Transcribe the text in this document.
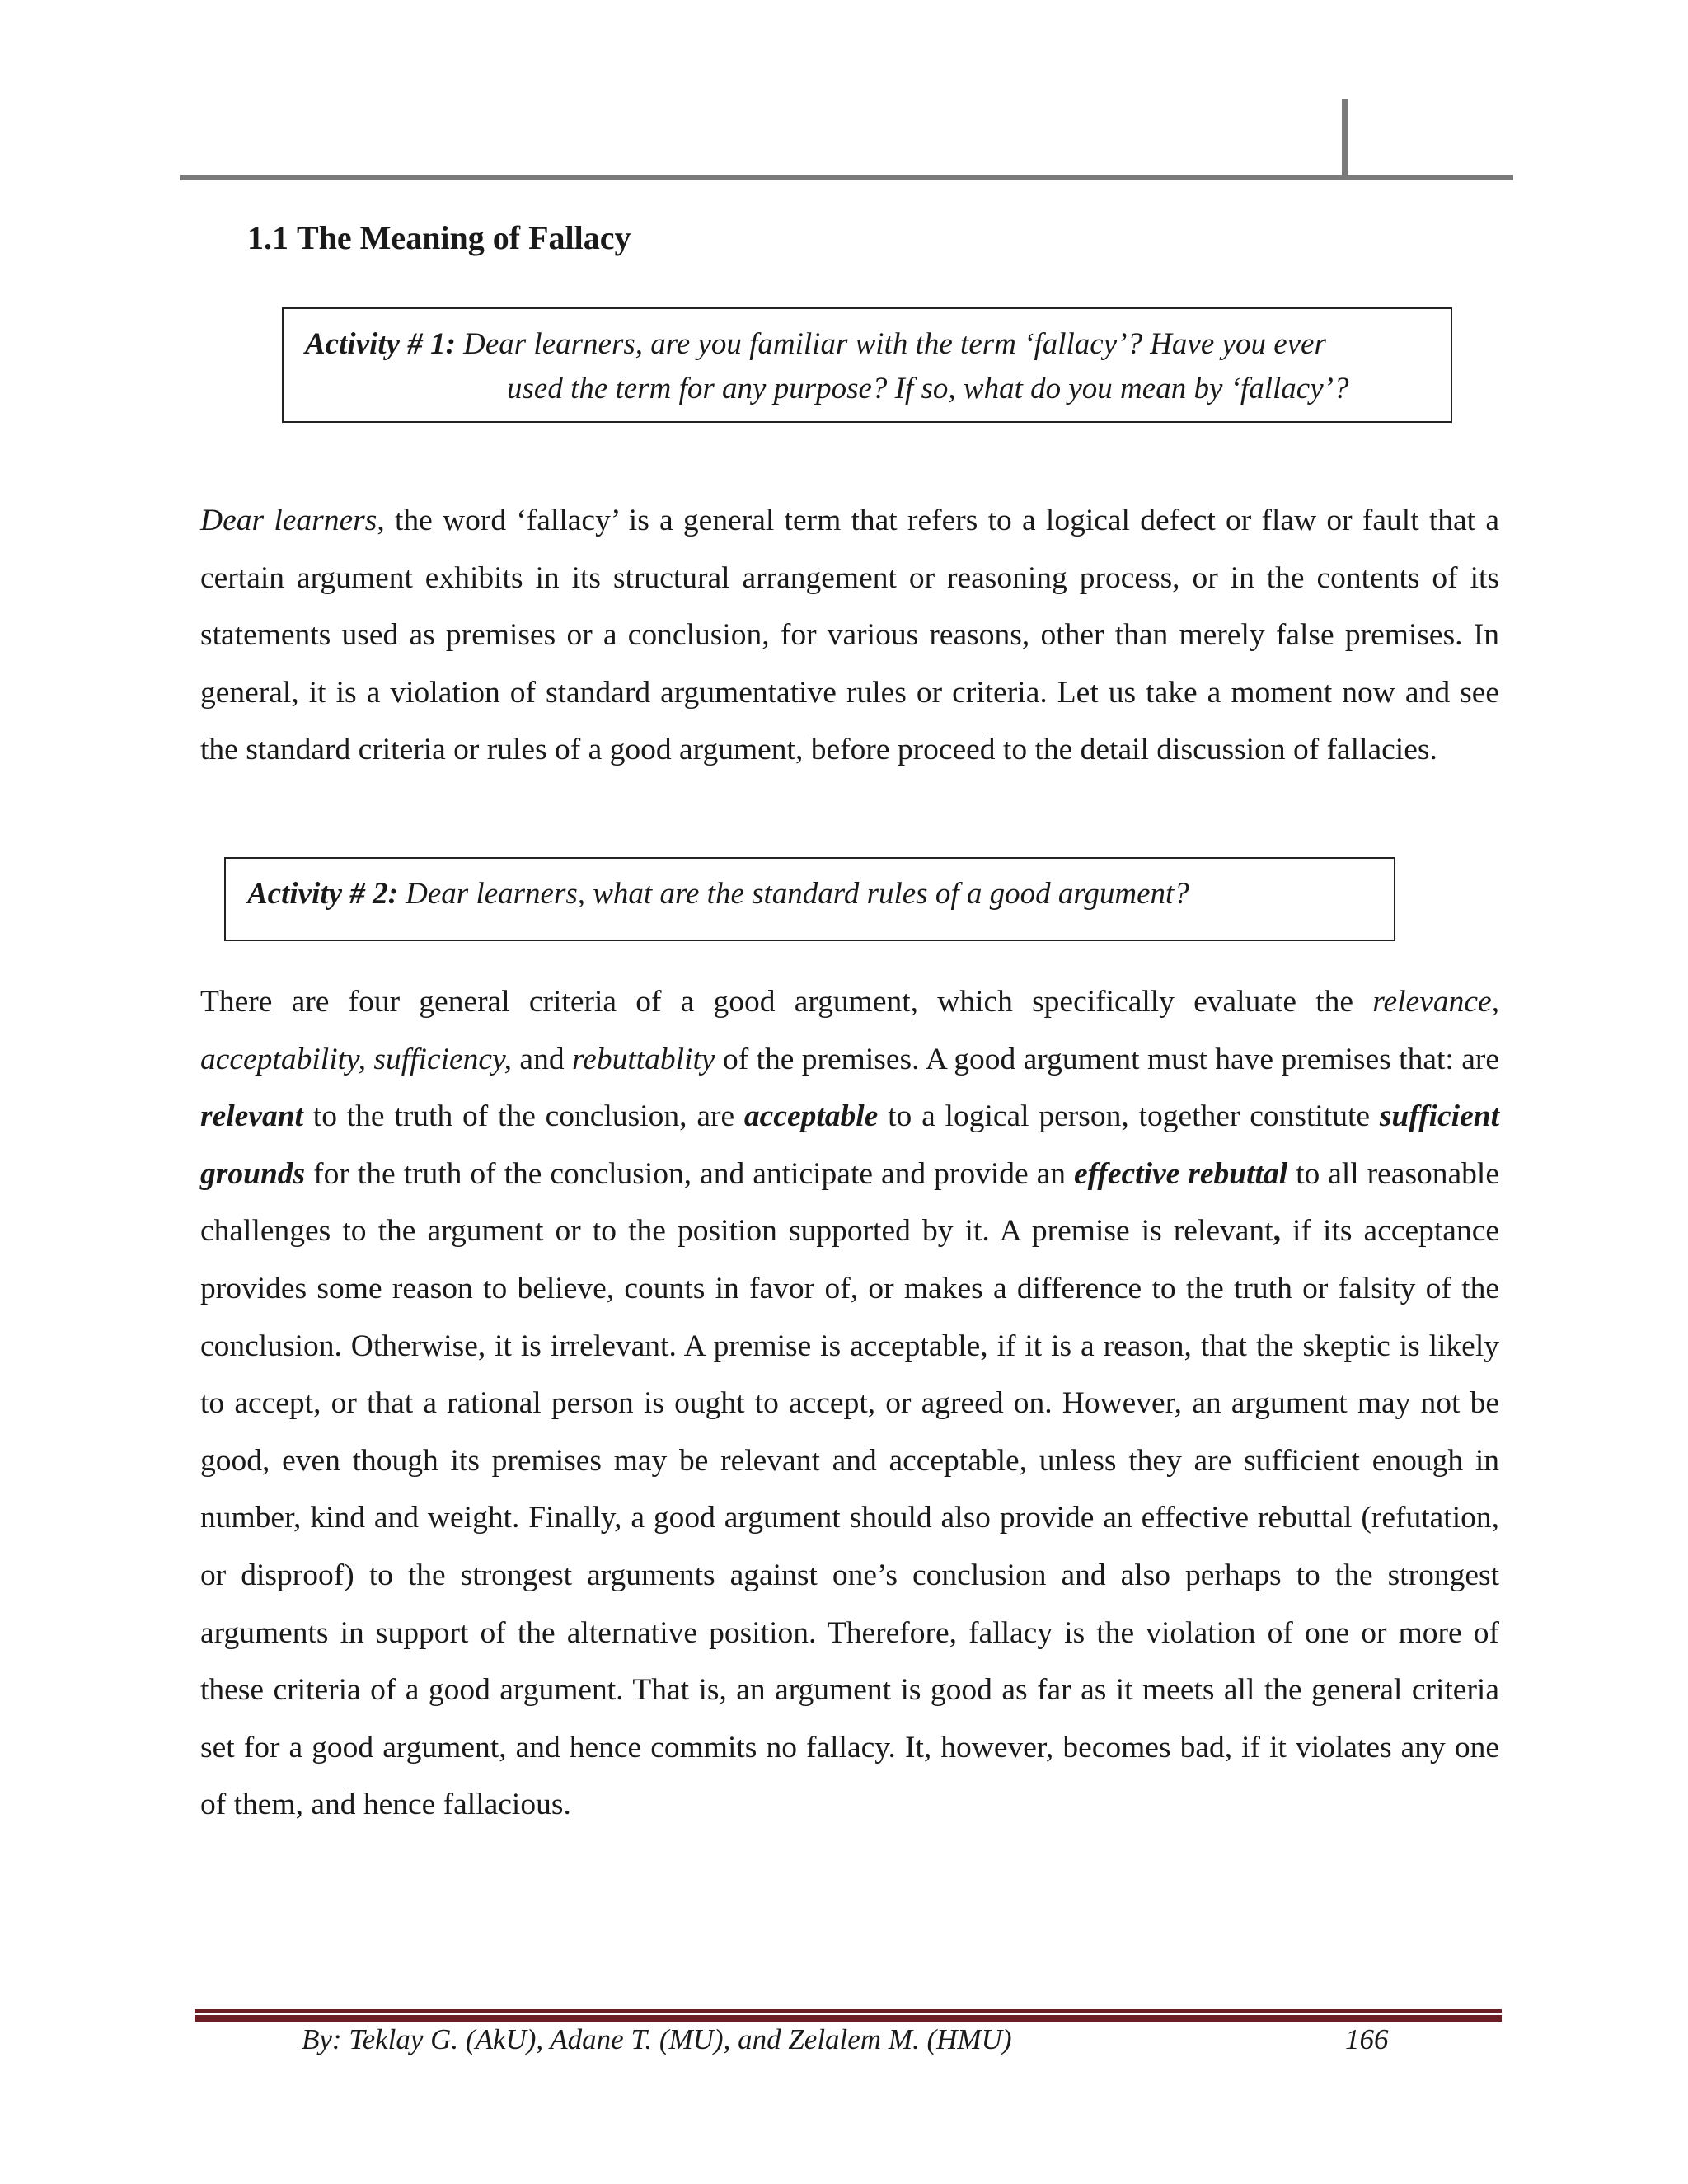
1.1 The Meaning of Fallacy
Activity # 1: Dear learners, are you familiar with the term ‘fallacy’? Have you ever
used the term for any purpose? If so, what do you mean by ‘fallacy’?

Dear learners, the word ‘fallacy’ is a general term that refers to a logical defect or flaw or fault that a certain argument exhibits in its structural arrangement or reasoning process, or in the contents of its statements used as premises or a conclusion, for various reasons, other than merely false premises. In general, it is a violation of standard argumentative rules or criteria. Let us take a moment now and see the standard criteria or rules of a good argument, before proceed to the detail discussion of fallacies.

Activity # 2: Dear learners, what are the standard rules of a good argument?

There are four general criteria of a good argument, which specifically evaluate the relevance, acceptability, sufficiency, and rebuttablity of the premises. A good argument must have premises that: are relevant to the truth of the conclusion, are acceptable to a logical person, together constitute sufficient grounds for the truth of the conclusion, and anticipate and provide an effective rebuttal to all reasonable challenges to the argument or to the position supported by it. A premise is relevant, if its acceptance provides some reason to believe, counts in favor of, or makes a difference to the truth or falsity of the conclusion. Otherwise, it is irrelevant. A premise is acceptable, if it is a reason, that the skeptic is likely to accept, or that a rational person is ought to accept, or agreed on. However, an argument may not be good, even though its premises may be relevant and acceptable, unless they are sufficient enough in number, kind and weight. Finally, a good argument should also provide an effective rebuttal (refutation, or disproof) to the strongest arguments against one’s conclusion and also perhaps to the strongest arguments in support of the alternative position. Therefore, fallacy is the violation of one or more of these criteria of a good argument. That is, an argument is good as far as it meets all the general criteria set for a good argument, and hence commits no fallacy. It, however, becomes bad, if it violates any one of them, and hence fallacious.

By: Teklay G. (AkU), Adane T. (MU), and Zelalem M. (HMU)	166
